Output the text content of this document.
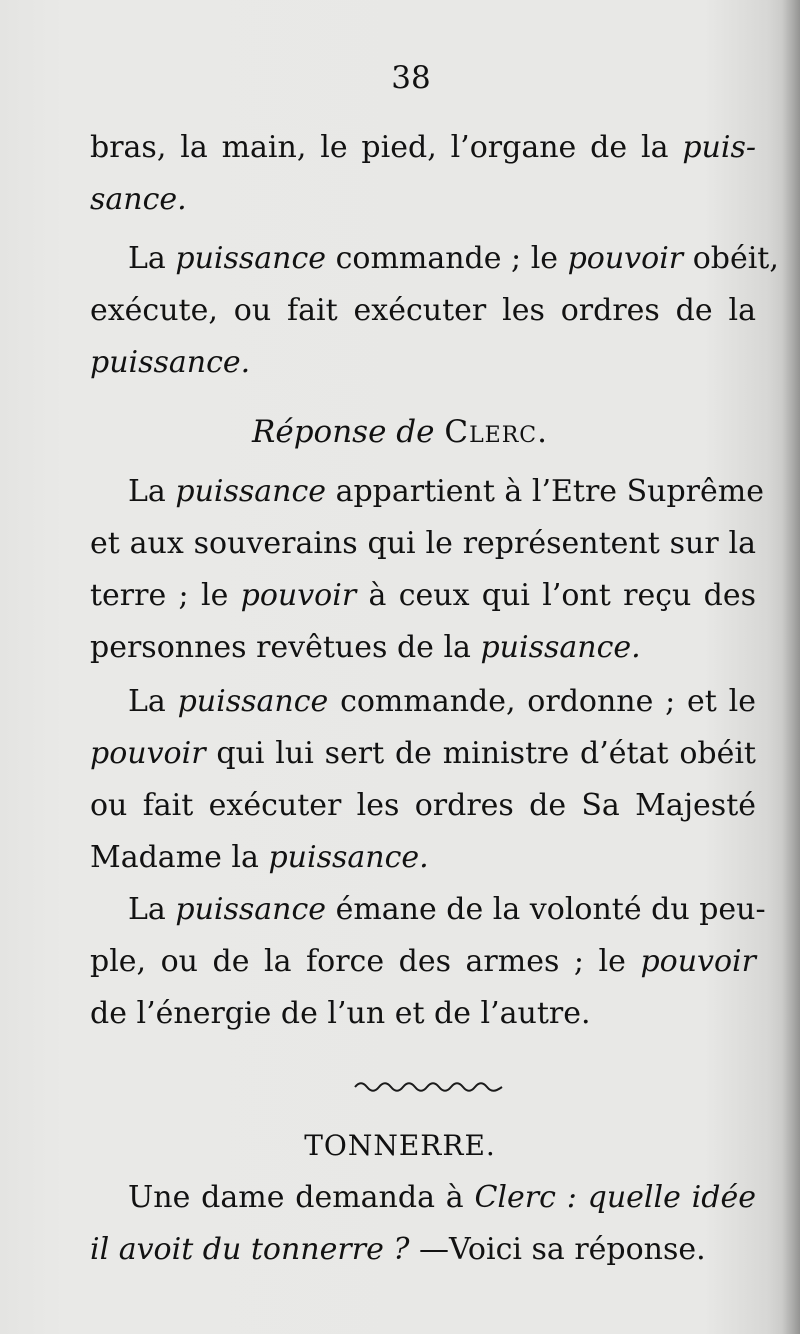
38
bras, la main, le pied, l’organe de la puis-
sance.
La puissance commande ; le pouvoir obéit,
exécute, ou fait exécuter les ordres de la
puissance.
Réponse de Clerc.
La puissance appartient à l’Etre Suprême
et aux souverains qui le représentent sur la
terre ; le pouvoir à ceux qui l’ont reçu des
personnes revêtues de la puissance.
La puissance commande, ordonne ; et le
pouvoir qui lui sert de ministre d’état obéit
ou fait exécuter les ordres de Sa Majesté
Madame la puissance.
La puissance émane de la volonté du peu-
ple, ou de la force des armes ; le pouvoir
de l’énergie de l’un et de l’autre.
TONNERRE.
Une dame demanda à Clerc : quelle idée
il avoit du tonnerre ? —Voici sa réponse.
